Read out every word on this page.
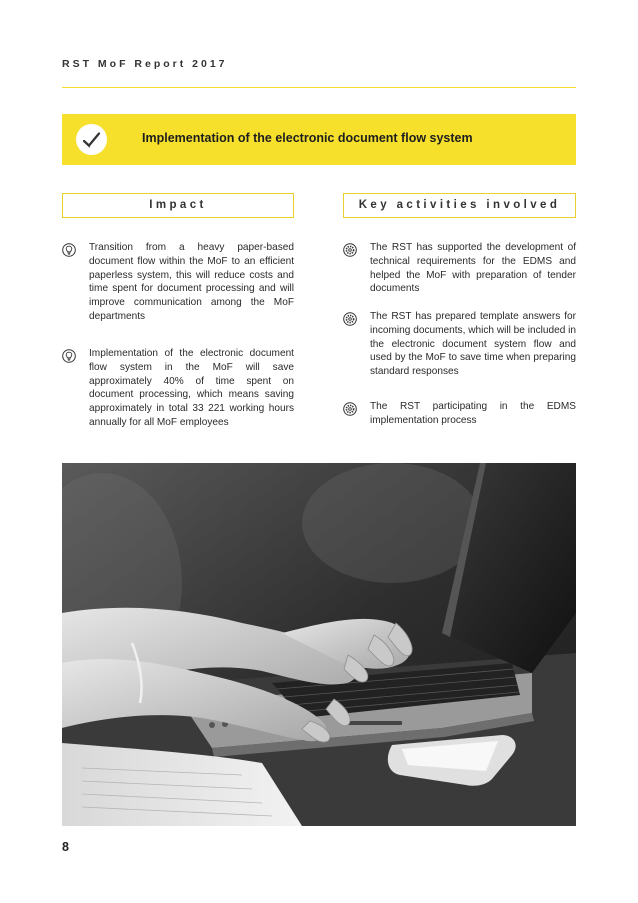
RST MoF Report 2017
Implementation of the electronic document flow system
Impact	Key activities involved
Transition from a heavy paper-based document flow within the MoF to an efficient paperless system, this will reduce costs and time spent for document processing and will improve communication among the MoF departments
Implementation of the electronic document flow system in the MoF will save approximately 40% of time spent on document processing, which means saving approximately in total 33 221 working hours annually for all MoF employees
The RST has supported the development of technical requirements for the EDMS and helped the MoF with preparation of tender documents
The RST has prepared template answers for incoming documents, which will be included in the electronic document system flow and used by the MoF to save time when preparing standard responses
The RST participating in the EDMS implementation process
8
